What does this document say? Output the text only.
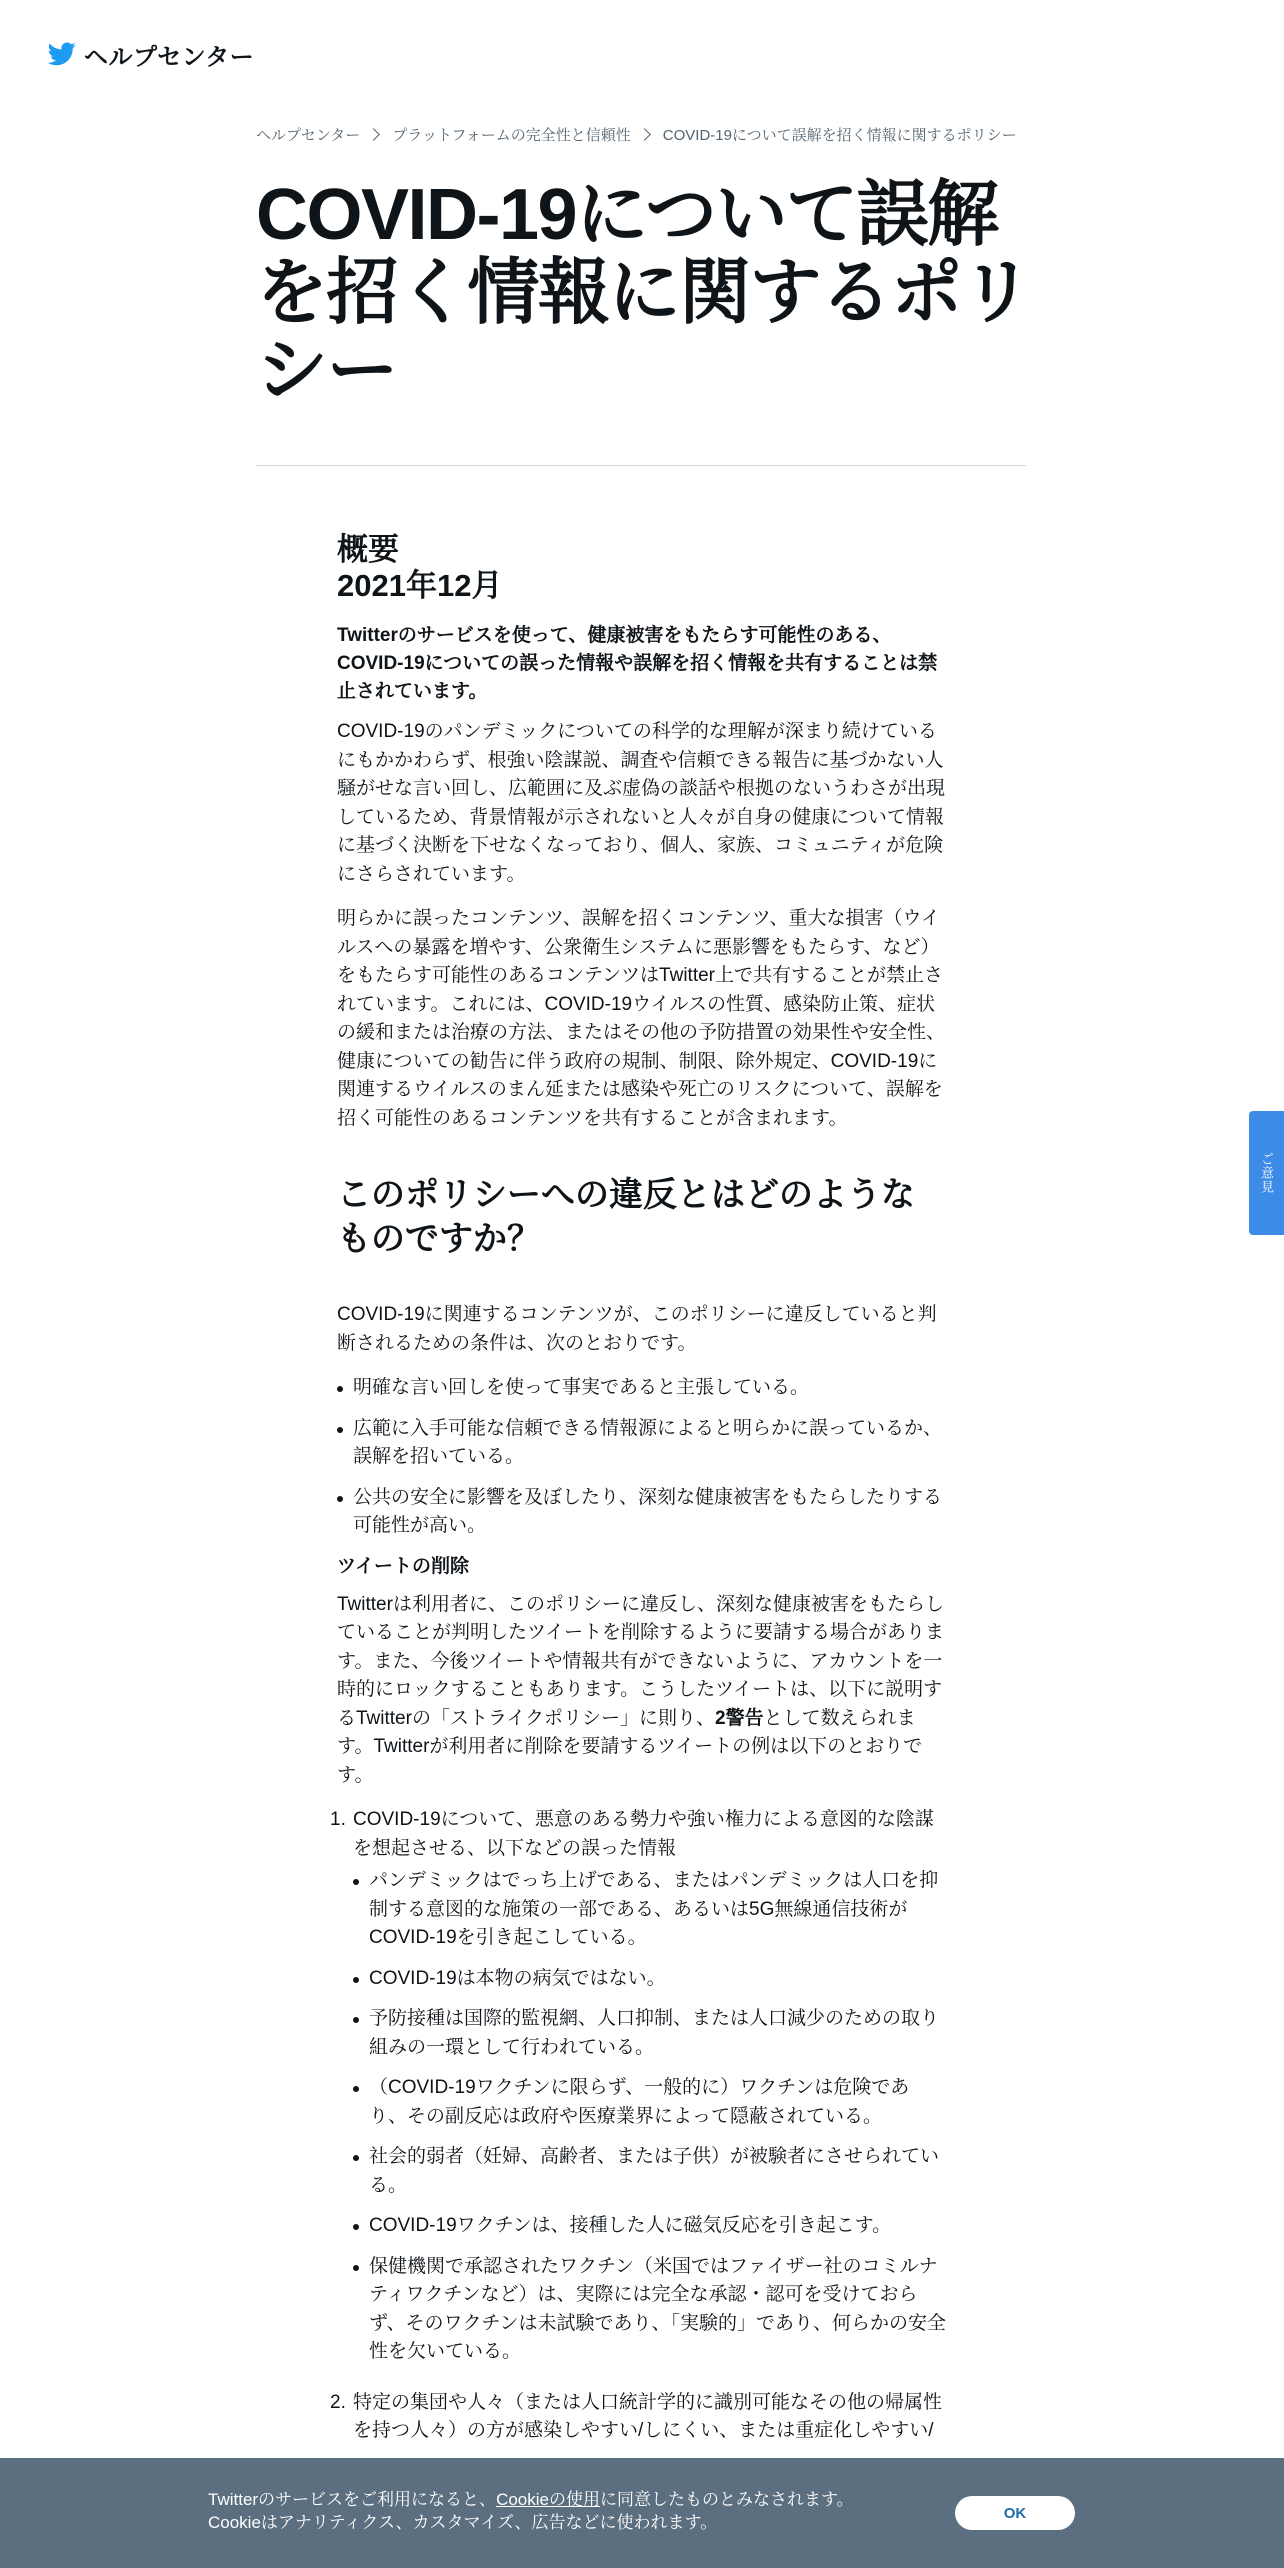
ヘルプセンター
ヘルプセンター プラットフォームの完全性と信頼性 COVID-19について誤解を招く情報に関するポリシー
COVID-19について誤解を招く情報に関するポリシー
概要
2021年12月

Twitterのサービスを使って、健康被害をもたらす可能性のある、COVID-19についての誤った情報や誤解を招く情報を共有することは禁止されています。

COVID-19のパンデミックについての科学的な理解が深まり続けているにもかかわらず、根強い陰謀説、調査や信頼できる報告に基づかない人騒がせな言い回し、広範囲に及ぶ虚偽の談話や根拠のないうわさが出現しているため、背景情報が示されないと人々が自身の健康について情報に基づく決断を下せなくなっており、個人、家族、コミュニティが危険にさらされています。

明らかに誤ったコンテンツ、誤解を招くコンテンツ、重大な損害（ウイルスへの暴露を増やす、公衆衛生システムに悪影響をもたらす、など）をもたらす可能性のあるコンテンツはTwitter上で共有することが禁止されています。これには、COVID-19ウイルスの性質、感染防止策、症状の緩和または治療の方法、またはその他の予防措置の効果性や安全性、健康についての勧告に伴う政府の規制、制限、除外規定、COVID-19に関連するウイルスのまん延または感染や死亡のリスクについて、誤解を招く可能性のあるコンテンツを共有することが含まれます。

このポリシーへの違反とはどのようなものですか？

COVID-19に関連するコンテンツが、このポリシーに違反していると判断されるための条件は、次のとおりです。

明確な言い回しを使って事実であると主張している。
広範に入手可能な信頼できる情報源によると明らかに誤っているか、誤解を招いている。
公共の安全に影響を及ぼしたり、深刻な健康被害をもたらしたりする可能性が高い。
ツイートの削除

Twitterは利用者に、このポリシーに違反し、深刻な健康被害をもたらしていることが判明したツイートを削除するように要請する場合があります。また、今後ツイートや情報共有ができないように、アカウントを一時的にロックすることもあります。こうしたツイートは、以下に説明するTwitterの「ストライクポリシー」に則り、2警告として数えられます。Twitterが利用者に削除を要請するツイートの例は以下のとおりです。

1. COVID-19について、悪意のある勢力や強い権力による意図的な陰謀を想起させる、以下などの誤った情報
パンデミックはでっち上げである、またはパンデミックは人口を抑制する意図的な施策の一部である、あるいは5G無線通信技術がCOVID-19を引き起こしている。
COVID-19は本物の病気ではない。
予防接種は国際的監視網、人口抑制、または人口減少のための取り組みの一環として行われている。
（COVID-19ワクチンに限らず、一般的に）ワクチンは危険であり、その副反応は政府や医療業界によって隠蔽されている。
社会的弱者（妊婦、高齢者、または子供）が被験者にさせられている。
COVID-19ワクチンは、接種した人に磁気反応を引き起こす。
保健機関で承認されたワクチン（米国ではファイザー社のコミルナティワクチンなど）は、実際には完全な承認・認可を受けておらず、そのワクチンは未試験であり、「実験的」であり、何らかの安全性を欠いている。
2. 特定の集団や人々（または人口統計学的に識別可能なその他の帰属性を持つ人々）の方が感染しやすい/しにくい、または重症化しやすい/
ご意見
Twitterのサービスをご利用になると、Cookieの使用に同意したものとみなされます。
Cookieはアナリティクス、カスタマイズ、広告などに使われます。	OK
